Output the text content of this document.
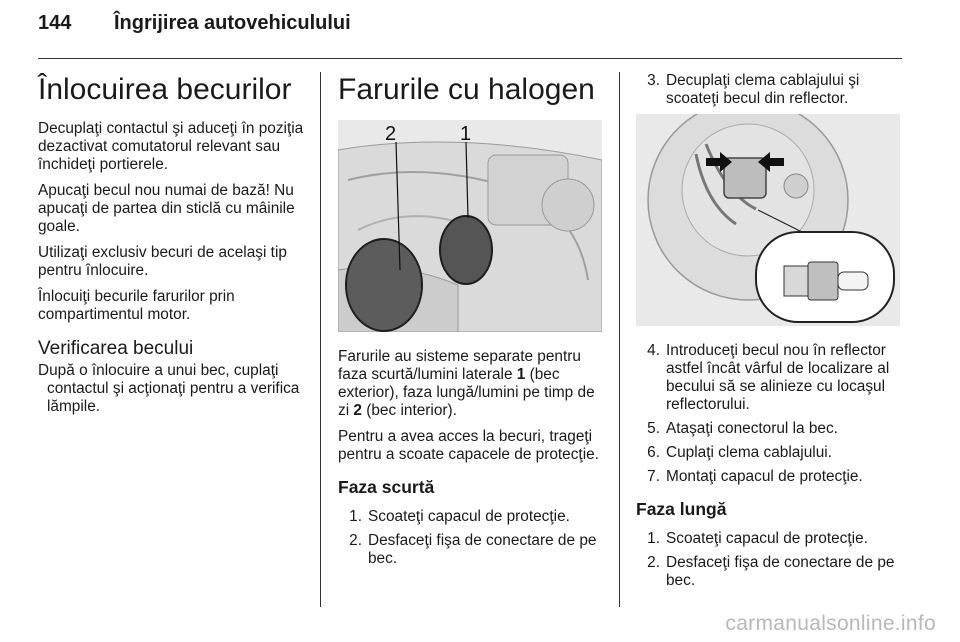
144 Îngrijirea autovehiculului
Înlocuirea becurilor

Decuplaţi contactul şi aduceţi în poziţia dezactivat comutatorul relevant sau închideţi portierele.

Apucaţi becul nou numai de bază! Nu apucaţi de partea din sticlă cu mâinile goale.

Utilizaţi exclusiv becuri de acelaşi tip pentru înlocuire.

Înlocuiţi becurile farurilor prin compartimentul motor.

Verificarea becului

După o înlocuire a unui bec, cuplaţi contactul şi acţionaţi pentru a verifica lămpile.

Farurile cu halogen
2	1

Farurile au sisteme separate pentru faza scurtă/lumini laterale 1 (bec exterior), faza lungă/lumini pe timp de zi 2 (bec interior).

Pentru a avea acces la becuri, trageţi pentru a scoate capacele de protecţie.

Faza scurtă
1. Scoateţi capacul de protecţie.
2. Desfaceţi fişa de conectare de pe bec.
3. Decuplaţi clema cablajului şi scoateţi becul din reflector.
4. Introduceţi becul nou în reflector astfel încât vârful de localizare al becului să se alinieze cu locaşul reflectorului.
5. Ataşaţi conectorul la bec.
6. Cuplaţi clema cablajului.
7. Montaţi capacul de protecţie.
Faza lungă
1. Scoateţi capacul de protecţie.
2. Desfaceţi fişa de conectare de pe bec.
carmanualsonline.info
